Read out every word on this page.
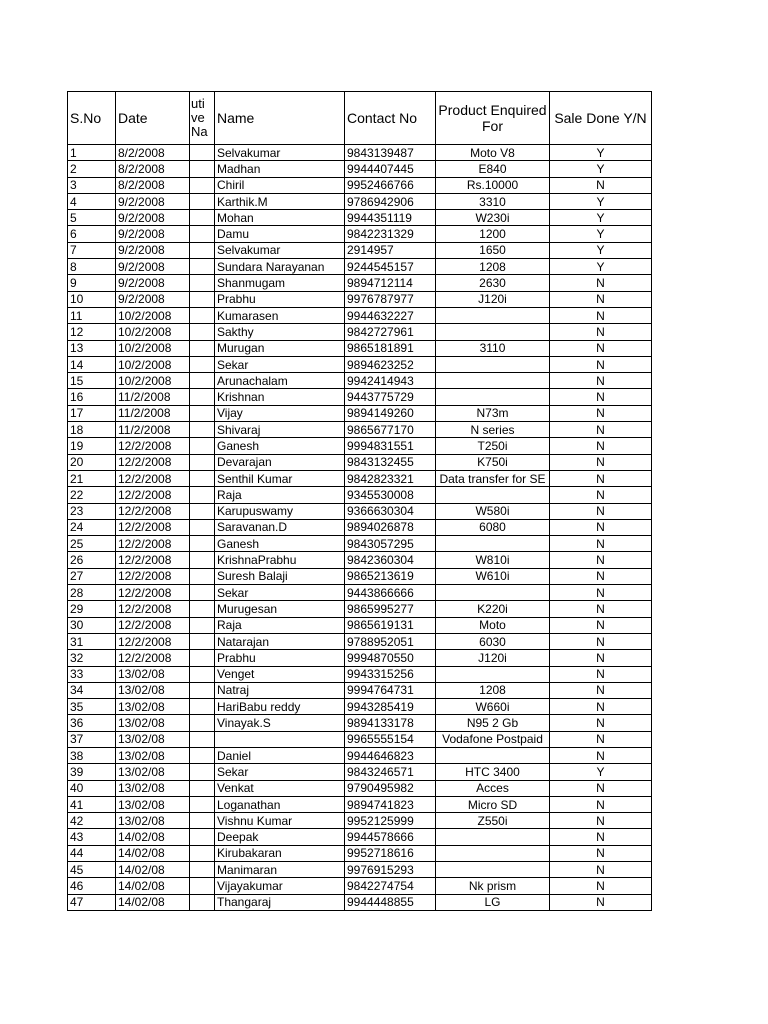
S.No	Date	uti ve Na	Name	Contact No	Product Enquired For	Sale Done Y/N
1	8/2/2008		Selvakumar	9843139487	Moto V8	Y
2	8/2/2008		Madhan	9944407445	E840	Y
3	8/2/2008		Chiril	9952466766	Rs.10000	N
4	9/2/2008		Karthik.M	9786942906	3310	Y
5	9/2/2008		Mohan	9944351119	W230i	Y
6	9/2/2008		Damu	9842231329	1200	Y
7	9/2/2008		Selvakumar	2914957	1650	Y
8	9/2/2008		Sundara Narayanan	9244545157	1208	Y
9	9/2/2008		Shanmugam	9894712114	2630	N
10	9/2/2008		Prabhu	9976787977	J120i	N
11	10/2/2008		Kumarasen	9944632227		N
12	10/2/2008		Sakthy	9842727961		N
13	10/2/2008		Murugan	9865181891	3110	N
14	10/2/2008		Sekar	9894623252		N
15	10/2/2008		Arunachalam	9942414943		N
16	11/2/2008		Krishnan	9443775729		N
17	11/2/2008		Vijay	9894149260	N73m	N
18	11/2/2008		Shivaraj	9865677170	N series	N
19	12/2/2008		Ganesh	9994831551	T250i	N
20	12/2/2008		Devarajan	9843132455	K750i	N
21	12/2/2008		Senthil Kumar	9842823321	Data transfer for SE	N
22	12/2/2008		Raja	9345530008		N
23	12/2/2008		Karupuswamy	9366630304	W580i	N
24	12/2/2008		Saravanan.D	9894026878	6080	N
25	12/2/2008		Ganesh	9843057295		N
26	12/2/2008		KrishnaPrabhu	9842360304	W810i	N
27	12/2/2008		Suresh Balaji	9865213619	W610i	N
28	12/2/2008		Sekar	9443866666		N
29	12/2/2008		Murugesan	9865995277	K220i	N
30	12/2/2008		Raja	9865619131	Moto	N
31	12/2/2008		Natarajan	9788952051	6030	N
32	12/2/2008		Prabhu	9994870550	J120i	N
33	13/02/08		Venget	9943315256		N
34	13/02/08		Natraj	9994764731	1208	N
35	13/02/08		HariBabu reddy	9943285419	W660i	N
36	13/02/08		Vinayak.S	9894133178	N95 2 Gb	N
37	13/02/08			9965555154	Vodafone Postpaid	N
38	13/02/08		Daniel	9944646823		N
39	13/02/08		Sekar	9843246571	HTC 3400	Y
40	13/02/08		Venkat	9790495982	Acces	N
41	13/02/08		Loganathan	9894741823	Micro SD	N
42	13/02/08		Vishnu Kumar	9952125999	Z550i	N
43	14/02/08		Deepak	9944578666		N
44	14/02/08		Kirubakaran	9952718616		N
45	14/02/08		Manimaran	9976915293		N
46	14/02/08		Vijayakumar	9842274754	Nk prism	N
47	14/02/08		Thangaraj	9944448855	LG	N
